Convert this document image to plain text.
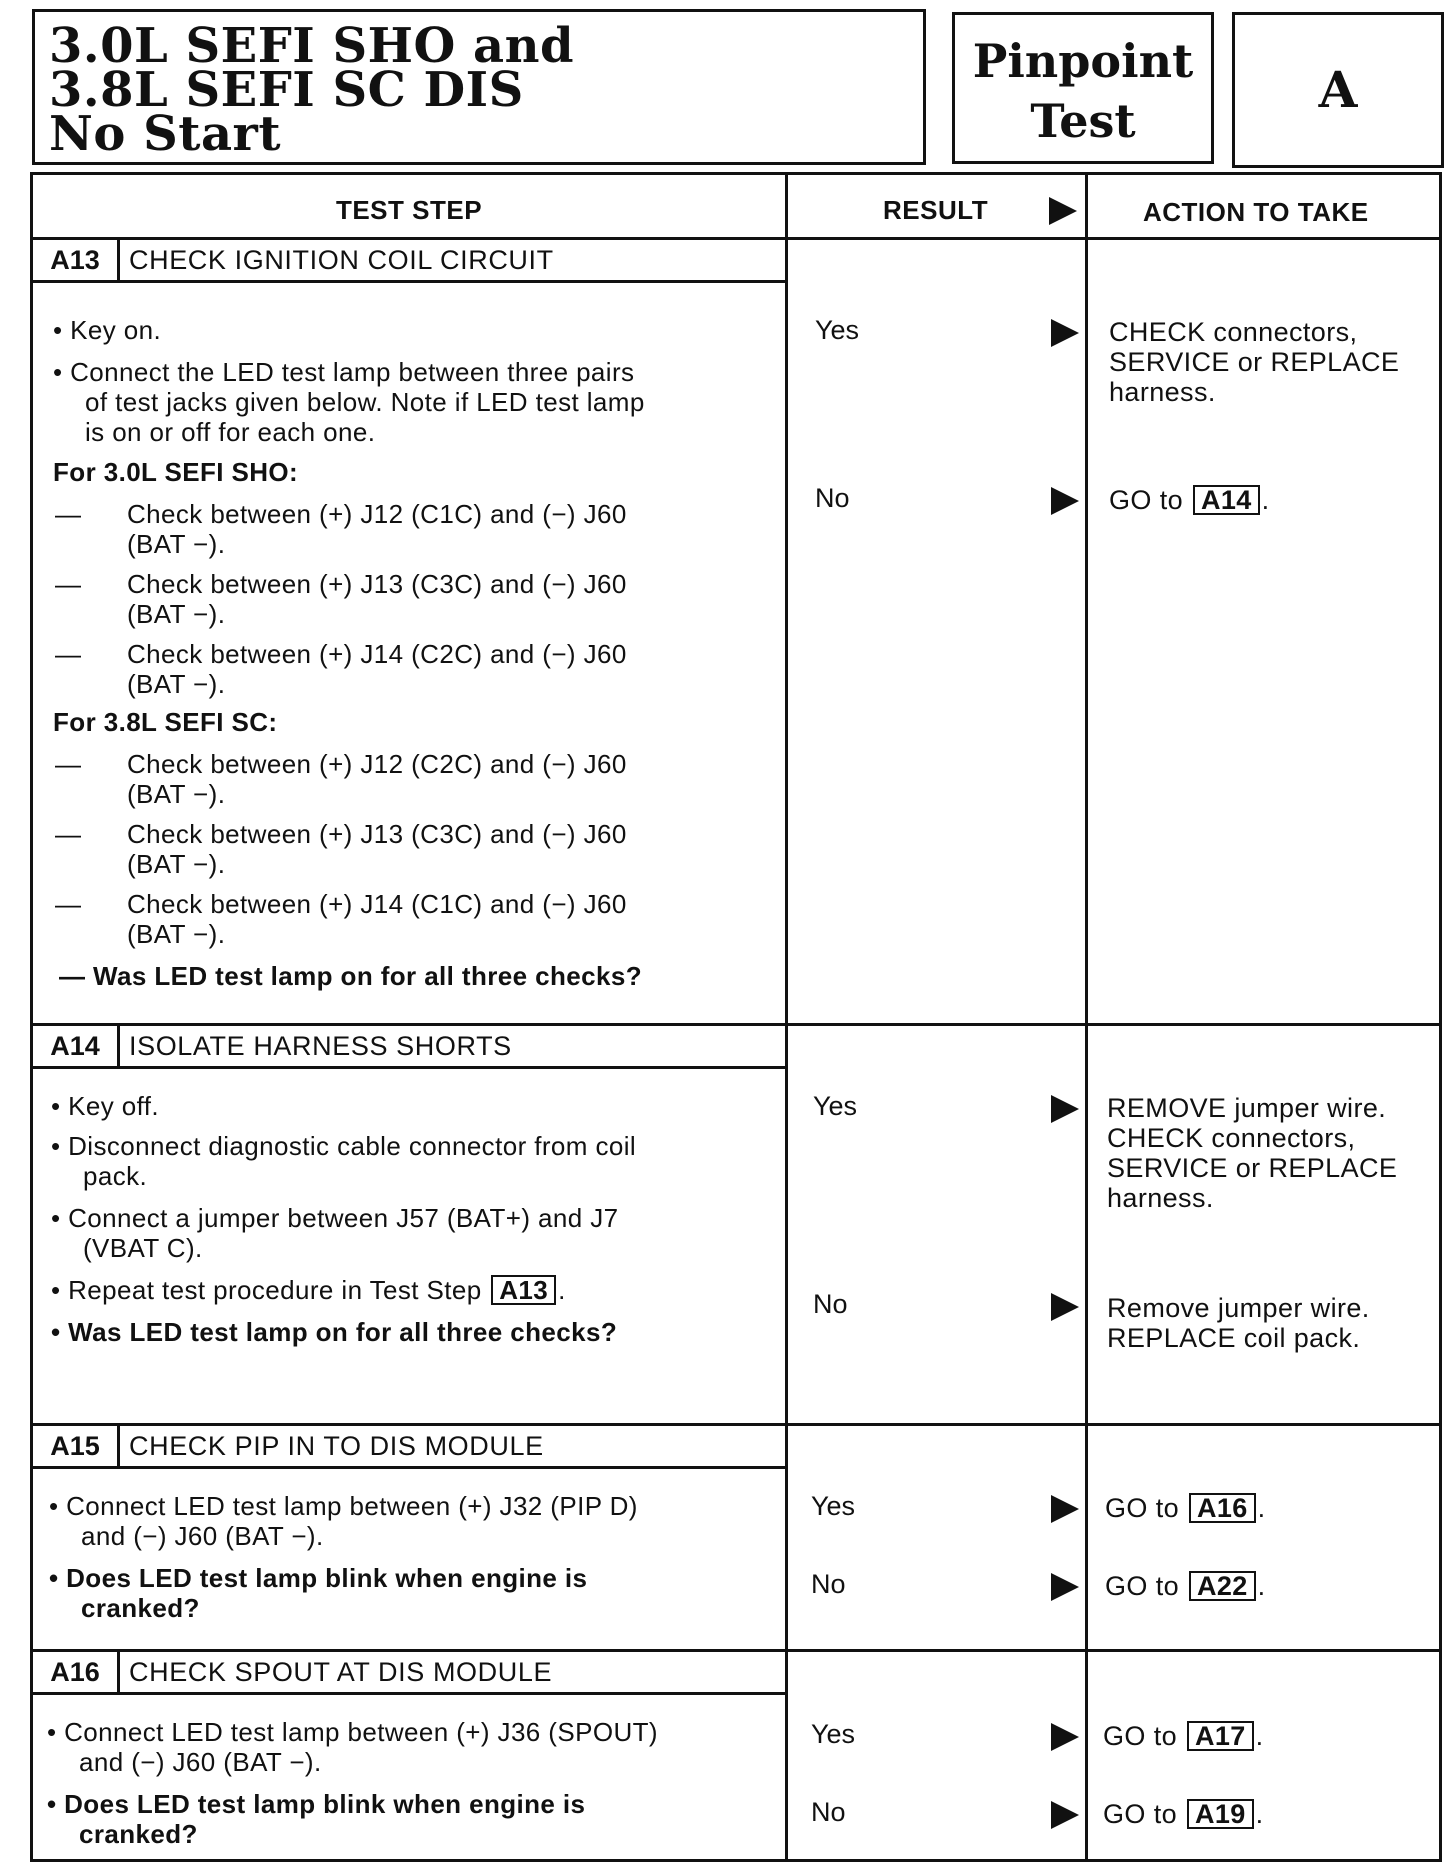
3.0L SEFI SHO and
3.8L SEFI SC DIS
No Start
Pinpoint
Test
A
TEST STEP	RESULT	ACTION TO TAKE
A13	CHECK IGNITION COIL CIRCUIT
• Key on.
• Connect the LED test lamp between three pairs
of test jacks given below. Note if LED test lamp
is on or off for each one.
For 3.0L SEFI SHO:
— Check between (+) J12 (C1C) and (−) J60
(BAT −).
— Check between (+) J13 (C3C) and (−) J60
(BAT −).
— Check between (+) J14 (C2C) and (−) J60
(BAT −).
For 3.8L SEFI SC:
— Check between (+) J12 (C2C) and (−) J60
(BAT −).
— Check between (+) J13 (C3C) and (−) J60
(BAT −).
— Check between (+) J14 (C1C) and (−) J60
(BAT −).
— Was LED test lamp on for all three checks?
Yes	CHECK connectors,
SERVICE or REPLACE
harness.
No	GO to A14 .
A14	ISOLATE HARNESS SHORTS
• Key off.
• Disconnect diagnostic cable connector from coil
pack.
• Connect a jumper between J57 (BAT+) and J7
(VBAT C).
• Repeat test procedure in Test Step A13 .
• Was LED test lamp on for all three checks?
Yes	REMOVE jumper wire.
CHECK connectors,
SERVICE or REPLACE
harness.
No	Remove jumper wire.
REPLACE coil pack.
A15	CHECK PIP IN TO DIS MODULE
• Connect LED test lamp between (+) J32 (PIP D)
and (−) J60 (BAT −).
• Does LED test lamp blink when engine is
cranked?
Yes	GO to A16 .
No	GO to A22 .
A16	CHECK SPOUT AT DIS MODULE
• Connect LED test lamp between (+) J36 (SPOUT)
and (−) J60 (BAT −).
• Does LED test lamp blink when engine is
cranked?
Yes	GO to A17 .
No	GO to A19 .
